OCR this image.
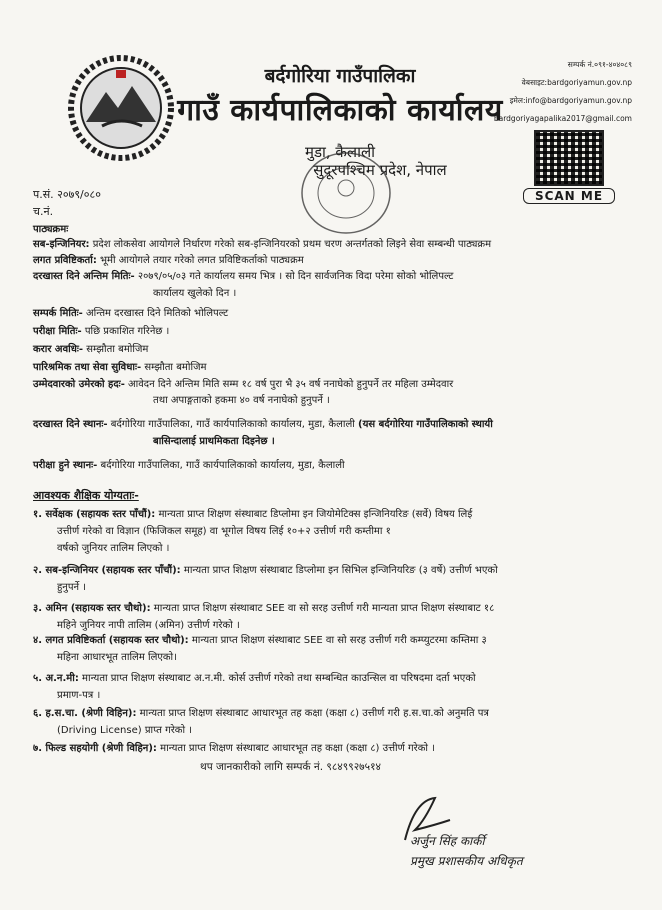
बर्दगोरिया गाउँपालिका
गाउँ कार्यपालिकाको कार्यालय
मुडा, कैलाली
सुदूरपश्चिम प्रदेश, नेपाल
सम्पर्क नं.०९१-४०४०८९
वेबसाइट:bardgoriyamun.gov.np
इमेल:info@bardgoriyamun.gov.np
bardgoriyagapalika2017@gmail.com
SCAN ME
प.सं. २०७९/०८०
च.नं.
पाठ्यक्रमः
सब-इन्जिनियर: प्रदेश लोकसेवा आयोगले निर्धारण गरेको सब-इन्जिनियरको प्रथम चरण अन्तर्गतको लिइने सेवा सम्बन्धी पाठ्यक्रम
लगत प्रविष्टिकर्ता: भूमी आयोगले तयार गरेको लगत प्रविष्टिकर्ताको पाठ्यक्रम
दरखास्त दिने अन्तिम मितिः- २०७९/०५/०३ गते कार्यालय समय भित्र । सो दिन सार्वजनिक विदा परेमा सोको भोलिपल्ट
कार्यालय खुलेको दिन ।
सम्पर्क मितिः- अन्तिम दरखास्त दिने मितिको भोलिपल्ट
परीक्षा मितिः- पछि प्रकाशित गरिनेछ ।
करार अवधिः- सम्झौता बमोजिम
पारिश्रमिक तथा सेवा सुविधाः- सम्झौता बमोजिम
उम्मेदवारको उमेरको हदः- आवेदन दिने अन्तिम मिति सम्म १८ वर्ष पुरा भै ३५ वर्ष ननाघेको हुनुपर्ने तर महिला उम्मेदवार
तथा अपाङ्गताको हकमा ४० वर्ष ननाघेको हुनुपर्ने ।
दरखास्त दिने स्थानः- बर्दगोरिया गाउँपालिका, गाउँ कार्यपालिकाको कार्यालय, मुडा, कैलाली (यस बर्दगोरिया गाउँपालिकाको स्थायी
बासिन्दालाई प्राथमिकता दिइनेछ ।
परीक्षा हुने स्थानः- बर्दगोरिया गाउँपालिका, गाउँ कार्यपालिकाको कार्यालय, मुडा, कैलाली
आवश्यक शैक्षिक योग्यताः-
१. सर्वेक्षक (सहायक स्तर पाँचौं): मान्यता प्राप्त शिक्षण संस्थाबाट डिप्लोमा इन जियोमेटिक्स इन्जिनियरिङ (सर्वे) विषय लिई
उत्तीर्ण गरेको वा विज्ञान (फिजिकल समूह) वा भूगोल विषय लिई १०+२ उत्तीर्ण गरी कम्तीमा १
वर्षको जुनियर तालिम लिएको ।
२. सब-इन्जिनियर (सहायक स्तर पाँचौं): मान्यता प्राप्त शिक्षण संस्थाबाट डिप्लोमा इन सिभिल इन्जिनियरिङ (३ वर्षे) उत्तीर्ण भएको
हुनुपर्ने ।
३. अमिन (सहायक स्तर चौथो): मान्यता प्राप्त शिक्षण संस्थाबाट SEE वा सो सरह उत्तीर्ण गरी मान्यता प्राप्त शिक्षण संस्थाबाट १८
महिने जुनियर नापी तालिम (अमिन) उत्तीर्ण गरेको ।
४. लगत प्रविष्टिकर्ता (सहायक स्तर चौथो): मान्यता प्राप्त शिक्षण संस्थाबाट SEE वा सो सरह उत्तीर्ण गरी कम्प्युटरमा कम्तिमा ३
महिना आधारभूत तालिम लिएको।
५. अ.न.मी: मान्यता प्राप्त शिक्षण संस्थाबाट अ.न.मी. कोर्स उत्तीर्ण गरेको तथा सम्बन्धित काउन्सिल वा परिषदमा दर्ता भएको
प्रमाण-पत्र ।
६. ह.स.चा. (श्रेणी विहिन): मान्यता प्राप्त शिक्षण संस्थाबाट आधारभूत तह कक्षा (कक्षा ८) उत्तीर्ण गरी ह.स.चा.को अनुमति पत्र
(Driving License) प्राप्त गरेको ।
७. फिल्ड सहयोगी (श्रेणी विहिन): मान्यता प्राप्त शिक्षण संस्थाबाट आधारभूत तह कक्षा (कक्षा ८) उत्तीर्ण गरेको ।
थप जानकारीको लागि सम्पर्क नं. ९८४९९२७५१४
अर्जुन सिंह कार्की
प्रमुख प्रशासकीय अधिकृत
